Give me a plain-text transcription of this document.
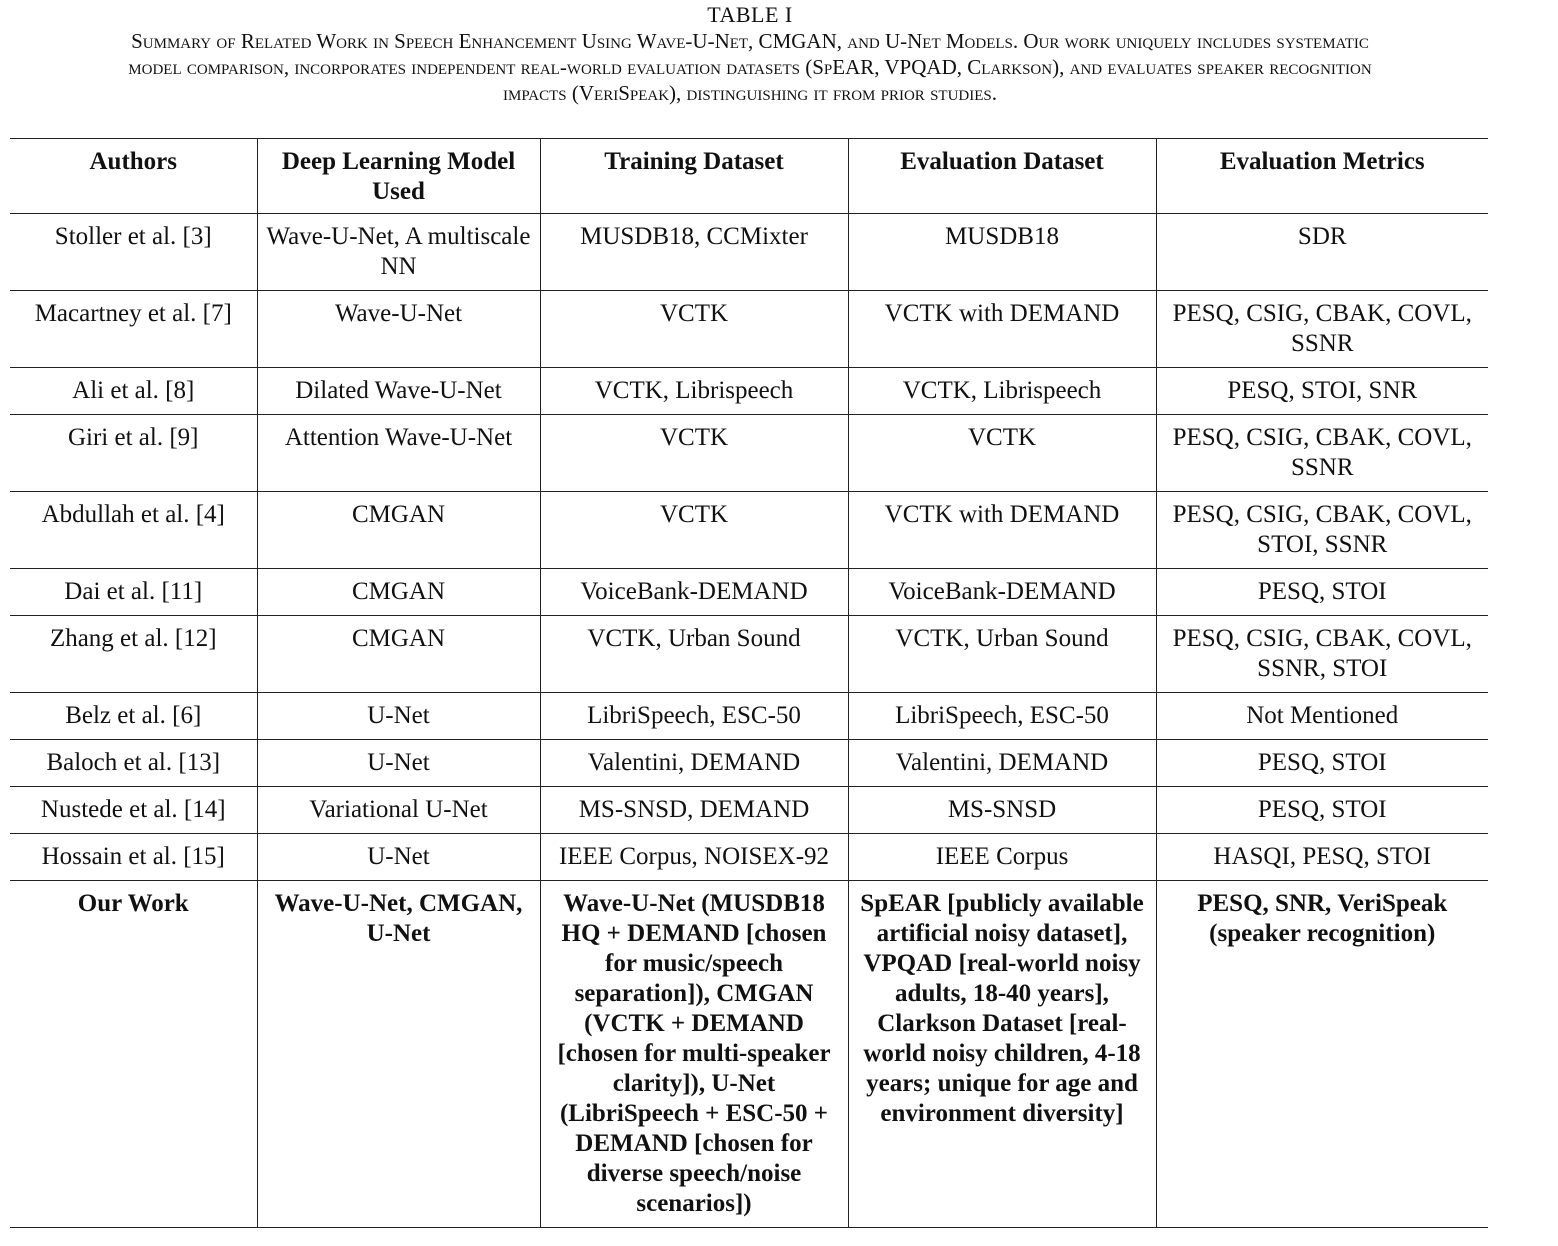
TABLE I
Summary of Related Work in Speech Enhancement Using Wave-U-Net, CMGAN, and U-Net Models. Our work uniquely includes systematic
model comparison, incorporates independent real-world evaluation datasets (SpEAR, VPQAD, Clarkson), and evaluates speaker recognition
impacts (VeriSpeak), distinguishing it from prior studies.
Authors	Deep Learning Model Used	Training Dataset	Evaluation Dataset	Evaluation Metrics
Stoller et al. [3]	Wave-U-Net, A multiscale NN	MUSDB18, CCMixter	MUSDB18	SDR
Macartney et al. [7]	Wave-U-Net	VCTK	VCTK with DEMAND	PESQ, CSIG, CBAK, COVL, SSNR
Ali et al. [8]	Dilated Wave-U-Net	VCTK, Librispeech	VCTK, Librispeech	PESQ, STOI, SNR
Giri et al. [9]	Attention Wave-U-Net	VCTK	VCTK	PESQ, CSIG, CBAK, COVL, SSNR
Abdullah et al. [4]	CMGAN	VCTK	VCTK with DEMAND	PESQ, CSIG, CBAK, COVL, STOI, SSNR
Dai et al. [11]	CMGAN	VoiceBank-DEMAND	VoiceBank-DEMAND	PESQ, STOI
Zhang et al. [12]	CMGAN	VCTK, Urban Sound	VCTK, Urban Sound	PESQ, CSIG, CBAK, COVL, SSNR, STOI
Belz et al. [6]	U-Net	LibriSpeech, ESC-50	LibriSpeech, ESC-50	Not Mentioned
Baloch et al. [13]	U-Net	Valentini, DEMAND	Valentini, DEMAND	PESQ, STOI
Nustede et al. [14]	Variational U-Net	MS-SNSD, DEMAND	MS-SNSD	PESQ, STOI
Hossain et al. [15]	U-Net	IEEE Corpus, NOISEX-92	IEEE Corpus	HASQI, PESQ, STOI
Our Work	Wave-U-Net, CMGAN, U-Net	Wave-U-Net (MUSDB18 HQ + DEMAND [chosen for music/speech separation]), CMGAN (VCTK + DEMAND [chosen for multi-speaker clarity]), U-Net (LibriSpeech + ESC-50 + DEMAND [chosen for diverse speech/noise scenarios])	SpEAR [publicly available artificial noisy dataset], VPQAD [real-world noisy adults, 18-40 years], Clarkson Dataset [real-world noisy children, 4-18 years; unique for age and environment diversity]	PESQ, SNR, VeriSpeak (speaker recognition)
